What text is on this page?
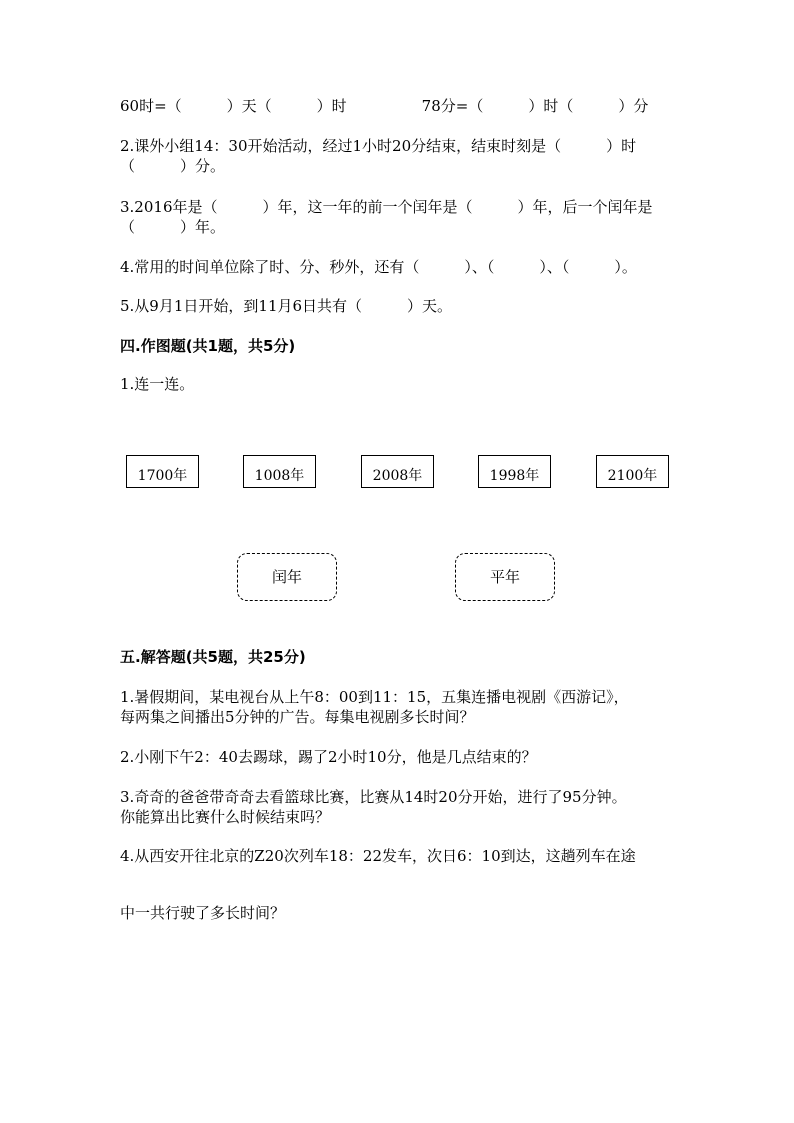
60时=（　　　）天（　　　）时　　　　　78分=（　　　）时（　　　）分
2.课外小组14：30开始活动，经过1小时20分结束，结束时刻是（　　　）时
（　　　）分。
3.2016年是（　　　）年，这一年的前一个闰年是（　　　）年，后一个闰年是
（　　　）年。
4.常用的时间单位除了时、分、秒外，还有（　　　）、（　　　）、（　　　）。
5.从9月1日开始，到11月6日共有（　　　）天。
四.作图题(共1题，共5分)
1.连一连。
1700年	1008年	2008年	1998年	2100年
闰年	平年
五.解答题(共5题，共25分)
1.暑假期间，某电视台从上午8：00到11：15，五集连播电视剧《西游记》，
每两集之间播出5分钟的广告。每集电视剧多长时间？
2.小刚下午2：40去踢球，踢了2小时10分，他是几点结束的？
3.奇奇的爸爸带奇奇去看篮球比赛，比赛从14时20分开始，进行了95分钟。
你能算出比赛什么时候结束吗？
4.从西安开往北京的Z20次列车18：22发车，次日6：10到达，这趟列车在途
中一共行驶了多长时间？
